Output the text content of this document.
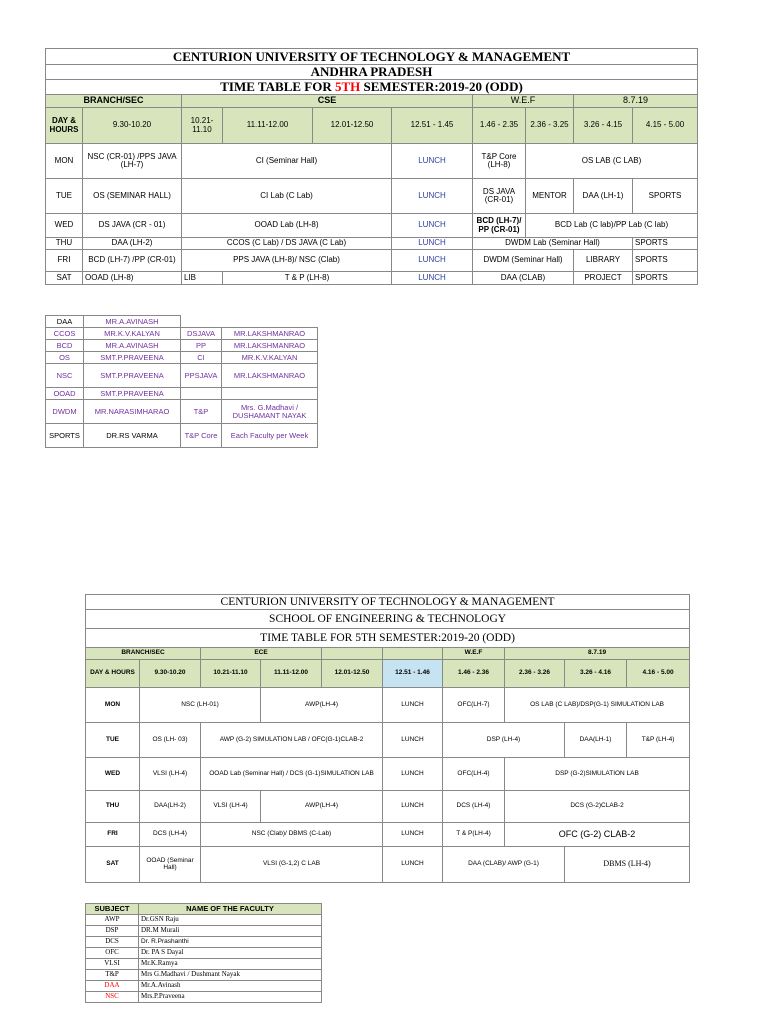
CENTURION UNIVERSITY OF TECHNOLOGY & MANAGEMENT									
ANDHRA PRADESH									
TIME TABLE FOR 5TH SEMESTER:2019-20 (ODD)									
BRANCH/SEC		CSE				W.E.F		8.7.19	
DAY & HOURS	9.30-10.20	10.21-11.10	11.11-12.00	12.01-12.50	12.51 - 1.45	1.46 - 2.35	2.36 - 3.25	3.26 - 4.15	4.15 - 5.00
MON	NSC (CR-01) /PPS JAVA (LH-7)	CI (Seminar Hall)			LUNCH	T&P Core (LH-8)	OS LAB (C LAB)		
TUE	OS (SEMINAR HALL)	CI Lab (C Lab)			LUNCH	DS JAVA (CR-01)	MENTOR	DAA (LH-1)	SPORTS
WED	DS JAVA (CR - 01)	OOAD Lab (LH-8)			LUNCH	BCD (LH-7)/ PP (CR-01)	BCD Lab (C lab)/PP Lab (C lab)		
THU	DAA (LH-2)	CCOS (C Lab) / DS JAVA (C Lab)			LUNCH	DWDM Lab (Seminar Hall)			SPORTS
FRI	BCD (LH-7) /PP (CR-01)	PPS JAVA (LH-8)/ NSC (Clab)			LUNCH	DWDM (Seminar Hall)		LIBRARY	SPORTS
SAT	OOAD (LH-8)	LIB	T & P (LH-8)		LUNCH	DAA (CLAB)		PROJECT	SPORTS
DAA	MR.A.AVINASH		
CCOS	MR.K.V.KALYAN	DSJAVA	MR.LAKSHMANRAO
BCD	MR.A.AVINASH	PP	MR.LAKSHMANRAO
OS	SMT.P.PRAVEENA	CI	MR.K.V.KALYAN
NSC	SMT.P.PRAVEENA	PPSJAVA	MR.LAKSHMANRAO
OOAD	SMT.P.PRAVEENA		
DWDM	MR.NARASIMHARAO	T&P	Mrs. G.Madhavi / DUSHAMANT NAYAK
SPORTS	DR.RS VARMA	T&P Core	Each Faculty per Week
CENTURION UNIVERSITY OF TECHNOLOGY & MANAGEMENT									
SCHOOL OF ENGINEERING & TECHNOLOGY									
TIME TABLE FOR 5TH SEMESTER:2019-20 (ODD)									
BRANCH/SEC		ECE				W.E.F	8.7.19		
DAY & HOURS	9.30-10.20	10.21-11.10	11.11-12.00	12.01-12.50	12.51 - 1.46	1.46 - 2.36	2.36 - 3.26	3.26 - 4.16	4.16 - 5.00
MON	NSC (LH-01)		AWP(LH-4)		LUNCH	OFC(LH-7)	OS LAB (C LAB)/DSP(G-1) SIMULATION LAB		
TUE	OS (LH- 03)	AWP (G-2) SIMULATION LAB / OFC(G-1)CLAB-2			LUNCH	DSP (LH-4)		DAA(LH-1)	T&P (LH-4)
WED	VLSI (LH-4)	OOAD Lab (Seminar Hall) / DCS (G-1)SIMULATION LAB			LUNCH	OFC(LH-4)	DSP (G-2)SIMULATION LAB		
THU	DAA(LH-2)	VLSI (LH-4)	AWP(LH-4)		LUNCH	DCS (LH-4)	DCS (G-2)CLAB-2		
FRI	DCS (LH-4)	NSC (Clab)/ DBMS (C-Lab)			LUNCH	T & P(LH-4)	OFC (G-2) CLAB-2		
SAT	OOAD (Seminar Hall)	VLSI (G-1,2) C LAB			LUNCH	DAA (CLAB)/ AWP (G-1)		DBMS (LH-4)	
SUBJECT	NAME OF THE FACULTY
AWP	Dr.GSN Raju
DSP	DR.M Murali
DCS	Dr. R.Prashanthi
OFC	Dr. PA S Dayal
VLSI	Mr.K.Ramya
T&P	Mrs G.Madhavi / Dushmant Nayak
DAA	Mr.A.Avinash
NSC	Mrs.P.Praveena
